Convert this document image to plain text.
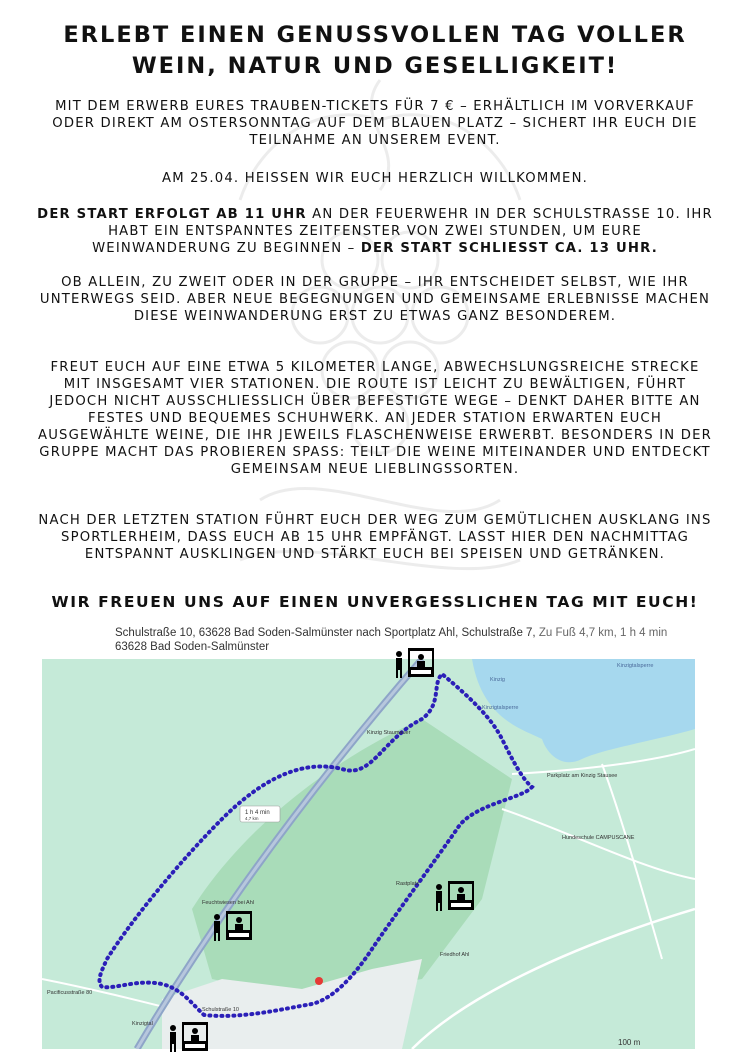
ERLEBT EINEN GENUSSVOLLEN TAG VOLLER WEIN, NATUR UND GESELLIGKEIT!

MIT DEM ERWERB EURES TRAUBEN-TICKETS FÜR 7 € – ERHÄLTLICH IM VORVERKAUF ODER DIREKT AM OSTERSONNTAG AUF DEM BLAUEN PLATZ – SICHERT IHR EUCH DIE TEILNAHME AN UNSEREM EVENT.

AM 25.04. HEISSEN WIR EUCH HERZLICH WILLKOMMEN.

DER START ERFOLGT AB 11 UHR AN DER FEUERWEHR IN DER SCHULSTRASSE 10. IHR HABT EIN ENTSPANNTES ZEITFENSTER VON ZWEI STUNDEN, UM EURE WEINWANDERUNG ZU BEGINNEN – DER START SCHLIESST CA. 13 UHR.

OB ALLEIN, ZU ZWEIT ODER IN DER GRUPPE – IHR ENTSCHEIDET SELBST, WIE IHR UNTERWEGS SEID. ABER NEUE BEGEGNUNGEN UND GEMEINSAME ERLEBNISSE MACHEN DIESE WEINWANDERUNG ERST ZU ETWAS GANZ BESONDEREM.

FREUT EUCH AUF EINE ETWA 5 KILOMETER LANGE, ABWECHSLUNGSREICHE STRECKE MIT INSGESAMT VIER STATIONEN. DIE ROUTE IST LEICHT ZU BEWÄLTIGEN, FÜHRT JEDOCH NICHT AUSSCHLIESSLICH ÜBER BEFESTIGTE WEGE – DENKT DAHER BITTE AN FESTES UND BEQUEMES SCHUHWERK. AN JEDER STATION ERWARTEN EUCH AUSGEWÄHLTE WEINE, DIE IHR JEWEILS FLASCHENWEISE ERWERBT. BESONDERS IN DER GRUPPE MACHT DAS PROBIEREN SPASS: TEILT DIE WEINE MITEINANDER UND ENTDECKT GEMEINSAM NEUE LIEBLINGSSORTEN.

NACH DER LETZTEN STATION FÜHRT EUCH DER WEG ZUM GEMÜTLICHEN AUSKLANG INS SPORTLERHEIM, DASS EUCH AB 15 UHR EMPFÄNGT. LASST HIER DEN NACHMITTAG ENTSPANNT AUSKLINGEN UND STÄRKT EUCH BEI SPEISEN UND GETRÄNKEN.

WIR FREUEN UNS AUF EINEN UNVERGESSLICHEN TAG MIT EUCH!
Schulstraße 10, 63628 Bad Soden-Salmünster nach Sportplatz Ahl, Schulstraße 7, Zu Fuß 4,7 km, 1 h 4 min
63628 Bad Soden-Salmünster
1 h 4 min
4,7 km
Kinzig Staumauer
Parkplatz am Kinzig Stausee
Hundeschule CAMPUSCANE
Rastplatz
Feuchtwiesen bei Ahl
Pacificusstraße 80
Schulstraße 10
Friedhof Ahl
Kinzigtalsperre
Kinzig
Kinzigtal
Kinzigtalsperre
100 m
